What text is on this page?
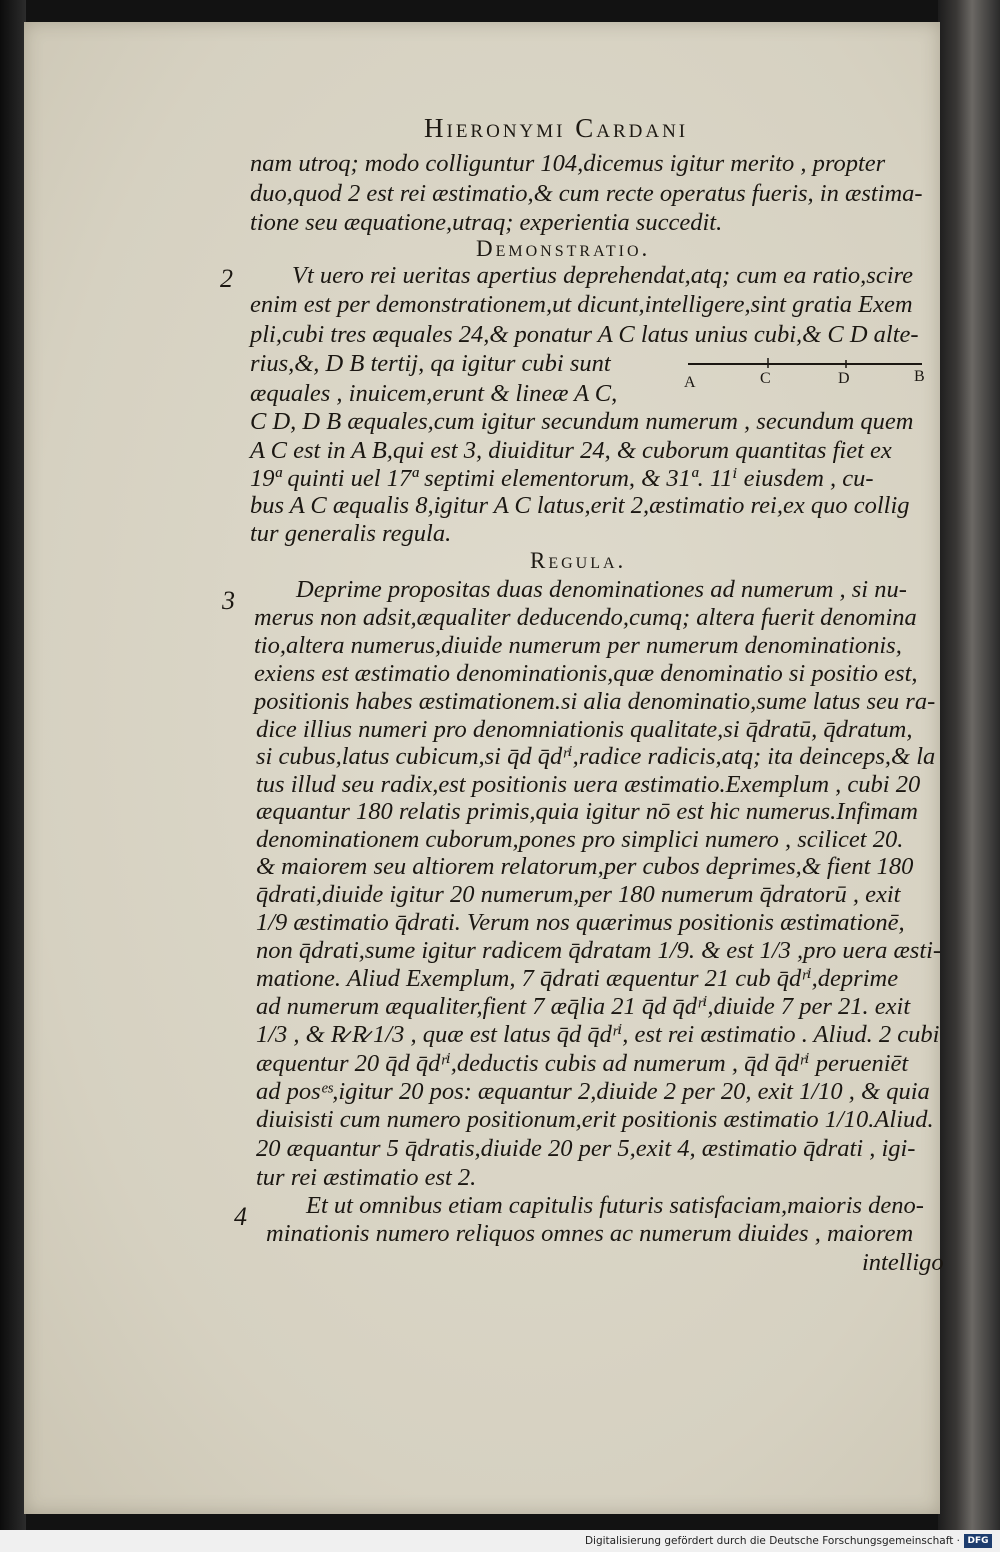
Hieronymi Cardani
nam utroq; modo colliguntur 104,dicemus igitur merito , propter
duo,quod 2 est rei æstimatio,& cum recte operatus fueris, in æstima-
tione seu æquatione,utraq; experientia succedit.
Demonstratio.
2 Vt uero rei ueritas apertius deprehendat,atq; cum ea ratio,scire
enim est per demonstrationem,ut dicunt,intelligere,sint gratia Exem
pli,cubi tres æquales 24,& ponatur A C latus unius cubi,& C D alte-
rius,&, D B tertij, qa igitur cubi sunt
A	C	D	B
æquales , inuicem,erunt & lineæ A C,
C D, D B æquales,cum igitur secundum numerum , secundum quem
A C est in A B,qui est 3, diuiditur 24, & cuborum quantitas fiet ex
19ª quinti uel 17ª septimi elementorum, & 31ª. 11ⁱ eiusdem , cu-
bus A C æqualis 8,igitur A C latus,erit 2,æstimatio rei,ex quo collig
tur generalis regula.
Regula.
3 Deprime propositas duas denominationes ad numerum , si nu-
merus non adsit,æqualiter deducendo,cumq; altera fuerit denomina
tio,altera numerus,diuide numerum per numerum denominationis,
exiens est æstimatio denominationis,quæ denominatio si positio est,
positionis habes æstimationem.si alia denominatio,sume latus seu ra-
dice illius numeri pro denomniationis qualitate,si q̄dratū, q̄dratum,
si cubus,latus cubicum,si q̄d q̄dʳⁱ,radice radicis,atq; ita deinceps,& la
tus illud seu radix,est positionis uera æstimatio.Exemplum , cubi 20
æquantur 180 relatis primis,quia igitur nō est hic numerus.Infimam
denominationem cuborum,pones pro simplici numero , scilicet 20.
& maiorem seu altiorem relatorum,per cubos deprimes,& fient 180
q̄drati,diuide igitur 20 numerum,per 180 numerum q̄dratorū , exit
1/9 æstimatio q̄drati. Verum nos quærimus positionis æstimationē,
non q̄drati,sume igitur radicem q̄dratam 1/9. & est 1/3 ,pro uera æsti-
matione. Aliud Exemplum, 7 q̄drati æquentur 21 cub q̄dʳⁱ,deprime
ad numerum æqualiter,fient 7 æq̄lia 21 q̄d q̄dʳⁱ,diuide 7 per 21. exit
1/3 , & R̷ R̷ 1/3 , quæ est latus q̄d q̄dʳⁱ, est rei æstimatio . Aliud. 2 cubi
æquentur 20 q̄d q̄dʳⁱ,deductis cubis ad numerum , q̄d q̄dʳⁱ perueniēt
ad posᵉˢ,igitur 20 pos: æquantur 2,diuide 2 per 20, exit 1/10 , & quia
diuisisti cum numero positionum,erit positionis æstimatio 1/10.Aliud.
20 æquantur 5 q̄dratis,diuide 20 per 5,exit 4, æstimatio q̄drati , igi-
tur rei æstimatio est 2.
4 Et ut omnibus etiam capitulis futuris satisfaciam,maioris deno-
minationis numero reliquos omnes ac numerum diuides , maiorem
intelligo
Digitalisierung gefördert durch die Deutsche Forschungsgemeinschaft · DFG
